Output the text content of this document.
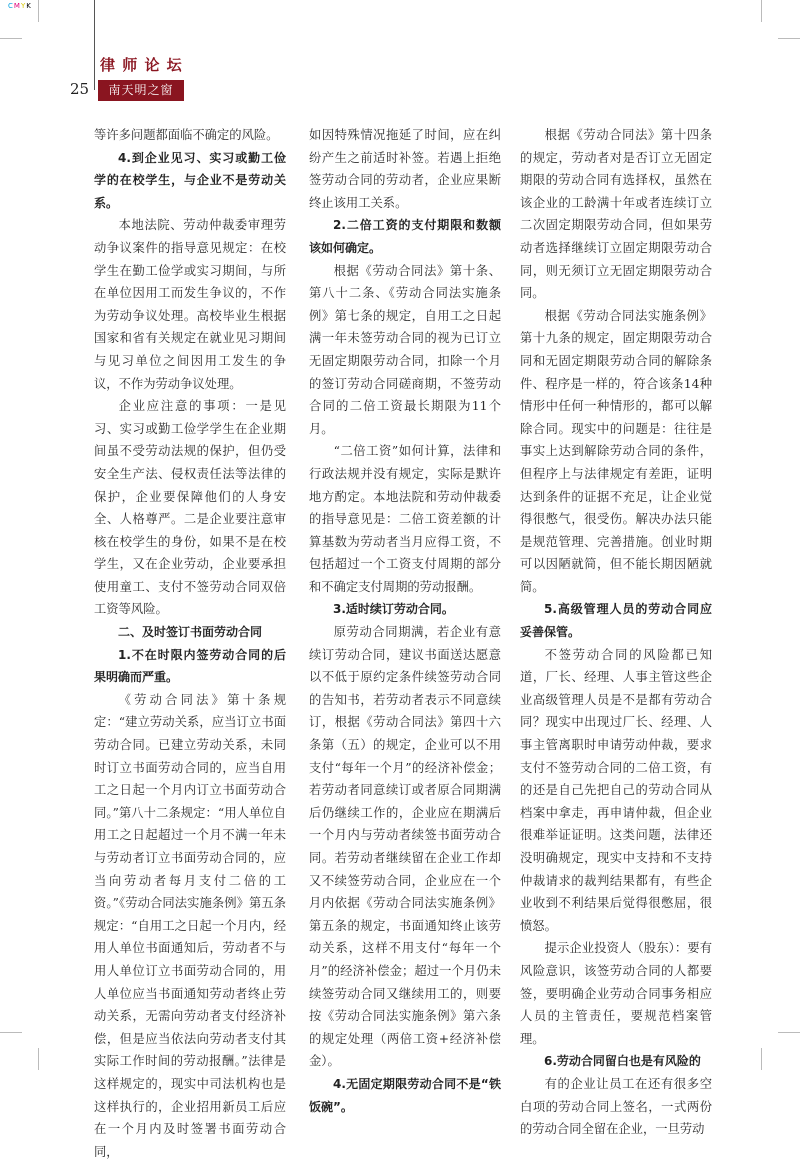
CMYK
25
律 师 论 坛
南天明之窗

等许多问题都面临不确定的风险。

4.到企业见习、实习或勤工俭学的在校学生，与企业不是劳动关系。

本地法院、劳动仲裁委审理劳动争议案件的指导意见规定：在校学生在勤工俭学或实习期间，与所在单位因用工而发生争议的，不作为劳动争议处理。高校毕业生根据国家和省有关规定在就业见习期间与见习单位之间因用工发生的争议，不作为劳动争议处理。

企业应注意的事项：一是见习、实习或勤工俭学学生在企业期间虽不受劳动法规的保护，但仍受安全生产法、侵权责任法等法律的保护，企业要保障他们的人身安全、人格尊严。二是企业要注意审核在校学生的身份，如果不是在校学生，又在企业劳动，企业要承担使用童工、支付不签劳动合同双倍工资等风险。

二、及时签订书面劳动合同

1.不在时限内签劳动合同的后果明确而严重。

《劳动合同法》第十条规定：“建立劳动关系，应当订立书面劳动合同。已建立劳动关系，未同时订立书面劳动合同的，应当自用工之日起一个月内订立书面劳动合同。”第八十二条规定：“用人单位自用工之日起超过一个月不满一年未与劳动者订立书面劳动合同的，应当向劳动者每月支付二倍的工资。”《劳动合同法实施条例》第五条规定：“自用工之日起一个月内，经用人单位书面通知后，劳动者不与用人单位订立书面劳动合同的，用人单位应当书面通知劳动者终止劳动关系，无需向劳动者支付经济补偿，但是应当依法向劳动者支付其实际工作时间的劳动报酬。”法律是这样规定的，现实中司法机构也是这样执行的，企业招用新员工后应在一个月内及时签署书面劳动合同，

如因特殊情况拖延了时间，应在纠纷产生之前适时补签。若遇上拒绝签劳动合同的劳动者，企业应果断终止该用工关系。

2.二倍工资的支付期限和数额该如何确定。

根据《劳动合同法》第十条、第八十二条、《劳动合同法实施条例》第七条的规定，自用工之日起满一年未签劳动合同的视为已订立无固定期限劳动合同，扣除一个月的签订劳动合同磋商期，不签劳动合同的二倍工资最长期限为11个月。

“二倍工资”如何计算，法律和行政法规并没有规定，实际是默许地方酌定。本地法院和劳动仲裁委的指导意见是：二倍工资差额的计算基数为劳动者当月应得工资，不包括超过一个工资支付周期的部分和不确定支付周期的劳动报酬。

3.适时续订劳动合同。

原劳动合同期满，若企业有意续订劳动合同，建议书面送达愿意以不低于原约定条件续签劳动合同的告知书，若劳动者表示不同意续订，根据《劳动合同法》第四十六条第（五）的规定，企业可以不用支付“每年一个月”的经济补偿金；若劳动者同意续订或者原合同期满后仍继续工作的，企业应在期满后一个月内与劳动者续签书面劳动合同。若劳动者继续留在企业工作却又不续签劳动合同，企业应在一个月内依据《劳动合同法实施条例》第五条的规定，书面通知终止该劳动关系，这样不用支付“每年一个月”的经济补偿金；超过一个月仍未续签劳动合同又继续用工的，则要按《劳动合同法实施条例》第六条的规定处理（两倍工资+经济补偿金）。

4.无固定期限劳动合同不是“铁饭碗”。

根据《劳动合同法》第十四条的规定，劳动者对是否订立无固定期限的劳动合同有选择权，虽然在该企业的工龄满十年或者连续订立二次固定期限劳动合同，但如果劳动者选择继续订立固定期限劳动合同，则无须订立无固定期限劳动合同。

根据《劳动合同法实施条例》第十九条的规定，固定期限劳动合同和无固定期限劳动合同的解除条件、程序是一样的，符合该条14种情形中任何一种情形的，都可以解除合同。现实中的问题是：往往是事实上达到解除劳动合同的条件，但程序上与法律规定有差距，证明达到条件的证据不充足，让企业觉得很憋气，很受伤。解决办法只能是规范管理、完善措施。创业时期可以因陋就简，但不能长期因陋就简。

5.高级管理人员的劳动合同应妥善保管。

不签劳动合同的风险都已知道，厂长、经理、人事主管这些企业高级管理人员是不是都有劳动合同？现实中出现过厂长、经理、人事主管离职时申请劳动仲裁，要求支付不签劳动合同的二倍工资，有的还是自己先把自己的劳动合同从档案中拿走，再申请仲裁，但企业很难举证证明。这类问题，法律还没明确规定，现实中支持和不支持仲裁请求的裁判结果都有，有些企业收到不利结果后觉得很憋屈，很愤怒。

提示企业投资人（股东）：要有风险意识，该签劳动合同的人都要签，要明确企业劳动合同事务相应人员的主管责任，要规范档案管理。

6.劳动合同留白也是有风险的

有的企业让员工在还有很多空白项的劳动合同上签名，一式两份的劳动合同全留在企业，一旦劳动
